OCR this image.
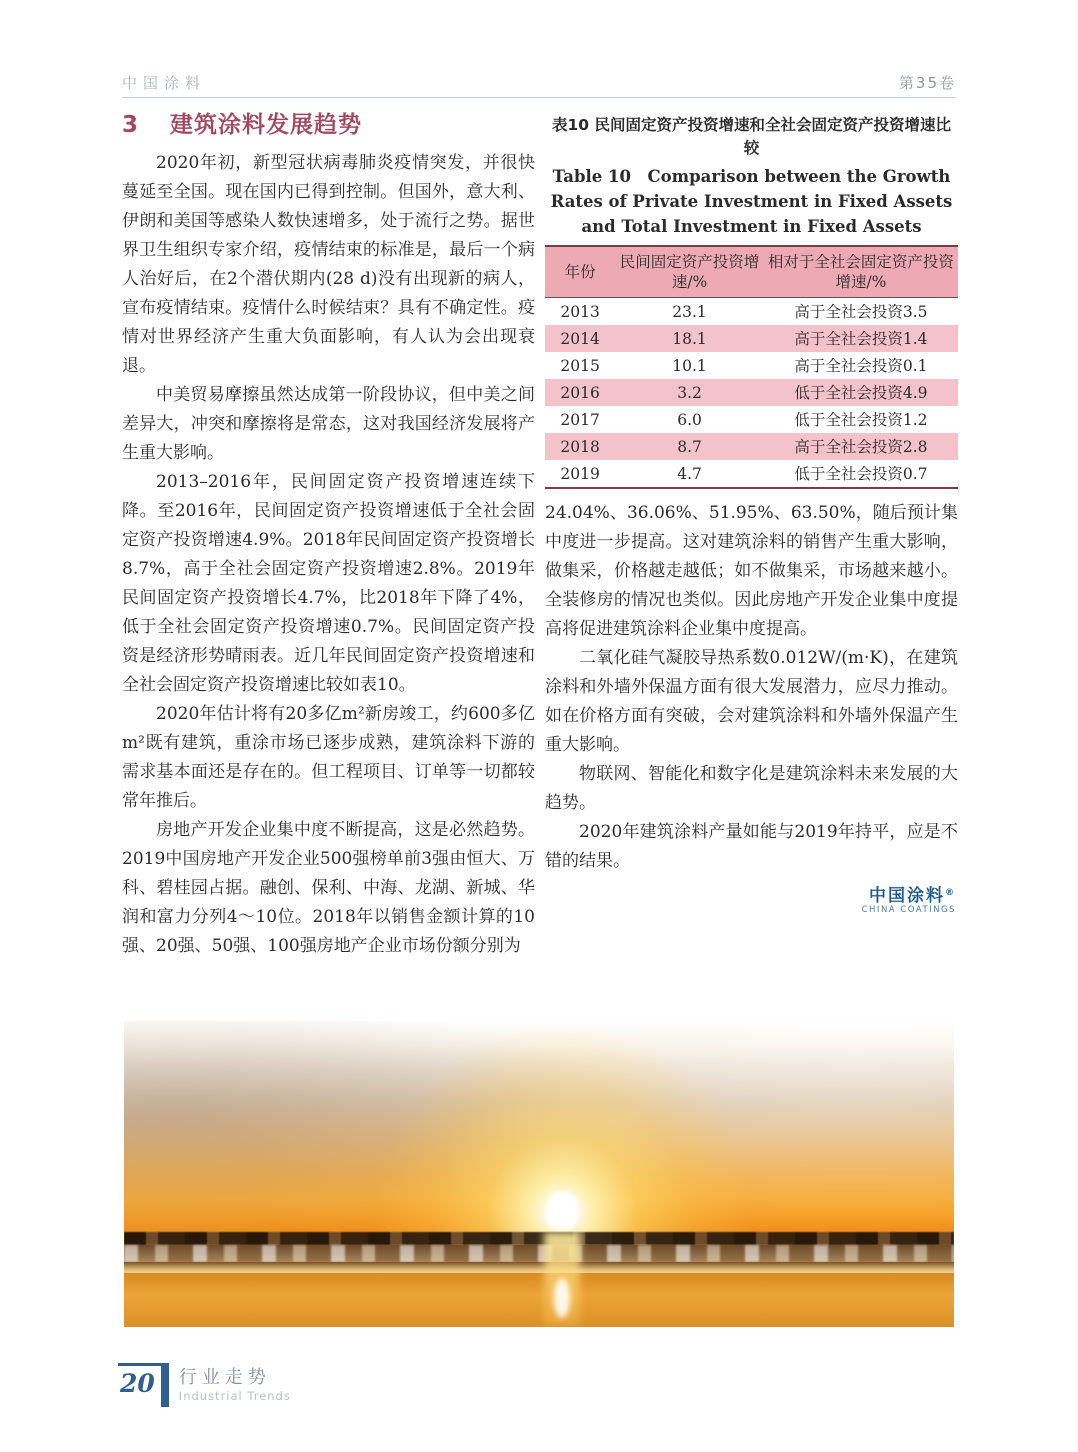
中国涂料	第35卷
3 建筑涂料发展趋势

2020年初，新型冠状病毒肺炎疫情突发，并很快蔓延至全国。现在国内已得到控制。但国外，意大利、伊朗和美国等感染人数快速增多，处于流行之势。据世界卫生组织专家介绍，疫情结束的标准是，最后一个病人治好后，在2个潜伏期内(28 d)没有出现新的病人，宣布疫情结束。疫情什么时候结束？具有不确定性。疫情对世界经济产生重大负面影响，有人认为会出现衰退。

中美贸易摩擦虽然达成第一阶段协议，但中美之间差异大，冲突和摩擦将是常态，这对我国经济发展将产生重大影响。

2013–2016年，民间固定资产投资增速连续下降。至2016年，民间固定资产投资增速低于全社会固定资产投资增速4.9%。2018年民间固定资产投资增长8.7%，高于全社会固定资产投资增速2.8%。2019年民间固定资产投资增长4.7%，比2018年下降了4%，低于全社会固定资产投资增速0.7%。民间固定资产投资是经济形势晴雨表。近几年民间固定资产投资增速和全社会固定资产投资增速比较如表10。

2020年估计将有20多亿m²新房竣工，约600多亿m²既有建筑，重涂市场已逐步成熟，建筑涂料下游的需求基本面还是存在的。但工程项目、订单等一切都较常年推后。

房地产开发企业集中度不断提高，这是必然趋势。2019中国房地产开发企业500强榜单前3强由恒大、万科、碧桂园占据。融创、保利、中海、龙湖、新城、华润和富力分列4～10位。2018年以销售金额计算的10强、20强、50强、100强房地产企业市场份额分别为

表10 民间固定资产投资增速和全社会固定资产投资增速比较
Table 10　Comparison between the Growth Rates of Private Investment in Fixed Assets and Total Investment in Fixed Assets
年份	民间固定资产投资增速/%	相对于全社会固定资产投资增速/%
2013	23.1	高于全社会投资3.5
2014	18.1	高于全社会投资1.4
2015	10.1	高于全社会投资0.1
2016	3.2	低于全社会投资4.9
2017	6.0	低于全社会投资1.2
2018	8.7	高于全社会投资2.8
2019	4.7	低于全社会投资0.7

24.04%、36.06%、51.95%、63.50%，随后预计集中度进一步提高。这对建筑涂料的销售产生重大影响，做集采，价格越走越低；如不做集采，市场越来越小。全装修房的情况也类似。因此房地产开发企业集中度提高将促进建筑涂料企业集中度提高。

二氧化硅气凝胶导热系数0.012W/(m·K)，在建筑涂料和外墙外保温方面有很大发展潜力，应尽力推动。如在价格方面有突破，会对建筑涂料和外墙外保温产生重大影响。

物联网、智能化和数字化是建筑涂料未来发展的大趋势。

2020年建筑涂料产量如能与2019年持平，应是不错的结果。

中国涂料®
CHINA COATINGS
20	行业走势
Industrial Trends
